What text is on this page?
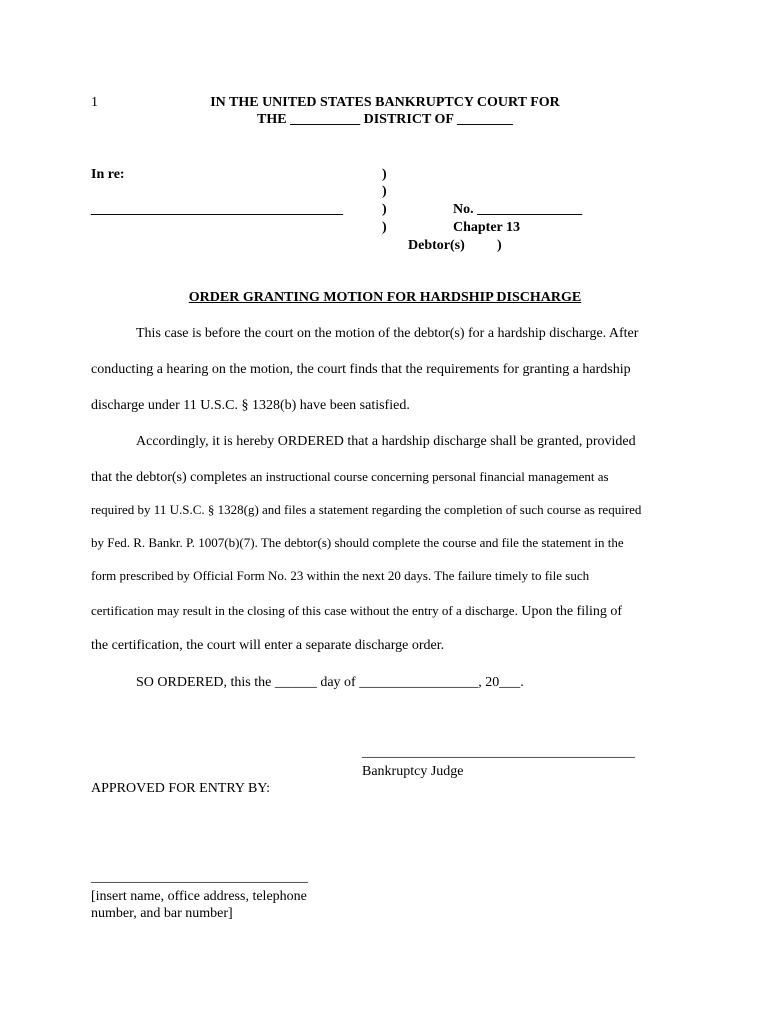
1	IN THE UNITED STATES BANKRUPTCY COURT FOR
THE __________ DISTRICT OF ________
In re:
____________________________________
)
)
)
)
No. _______________
Chapter 13
Debtor(s) )
ORDER GRANTING MOTION FOR HARDSHIP DISCHARGE
This case is before the court on the motion of the debtor(s) for a hardship discharge. After
conducting a hearing on the motion, the court finds that the requirements for granting a hardship
discharge under 11 U.S.C. § 1328(b) have been satisfied.
Accordingly, it is hereby ORDERED that a hardship discharge shall be granted, provided
that the debtor(s) completes an instructional course concerning personal financial management as
required by 11 U.S.C. § 1328(g) and files a statement regarding the completion of such course as required
by Fed. R. Bankr. P. 1007(b)(7). The debtor(s) should complete the course and file the statement in the
form prescribed by Official Form No. 23 within the next 20 days. The failure timely to file such
certification may result in the closing of this case without the entry of a discharge. Upon the filing of
the certification, the court will enter a separate discharge order.
SO ORDERED, this the ______ day of _________________, 20___.
_______________________________________
Bankruptcy Judge
APPROVED FOR ENTRY BY:
_______________________________
[insert name, office address, telephone
number, and bar number]
